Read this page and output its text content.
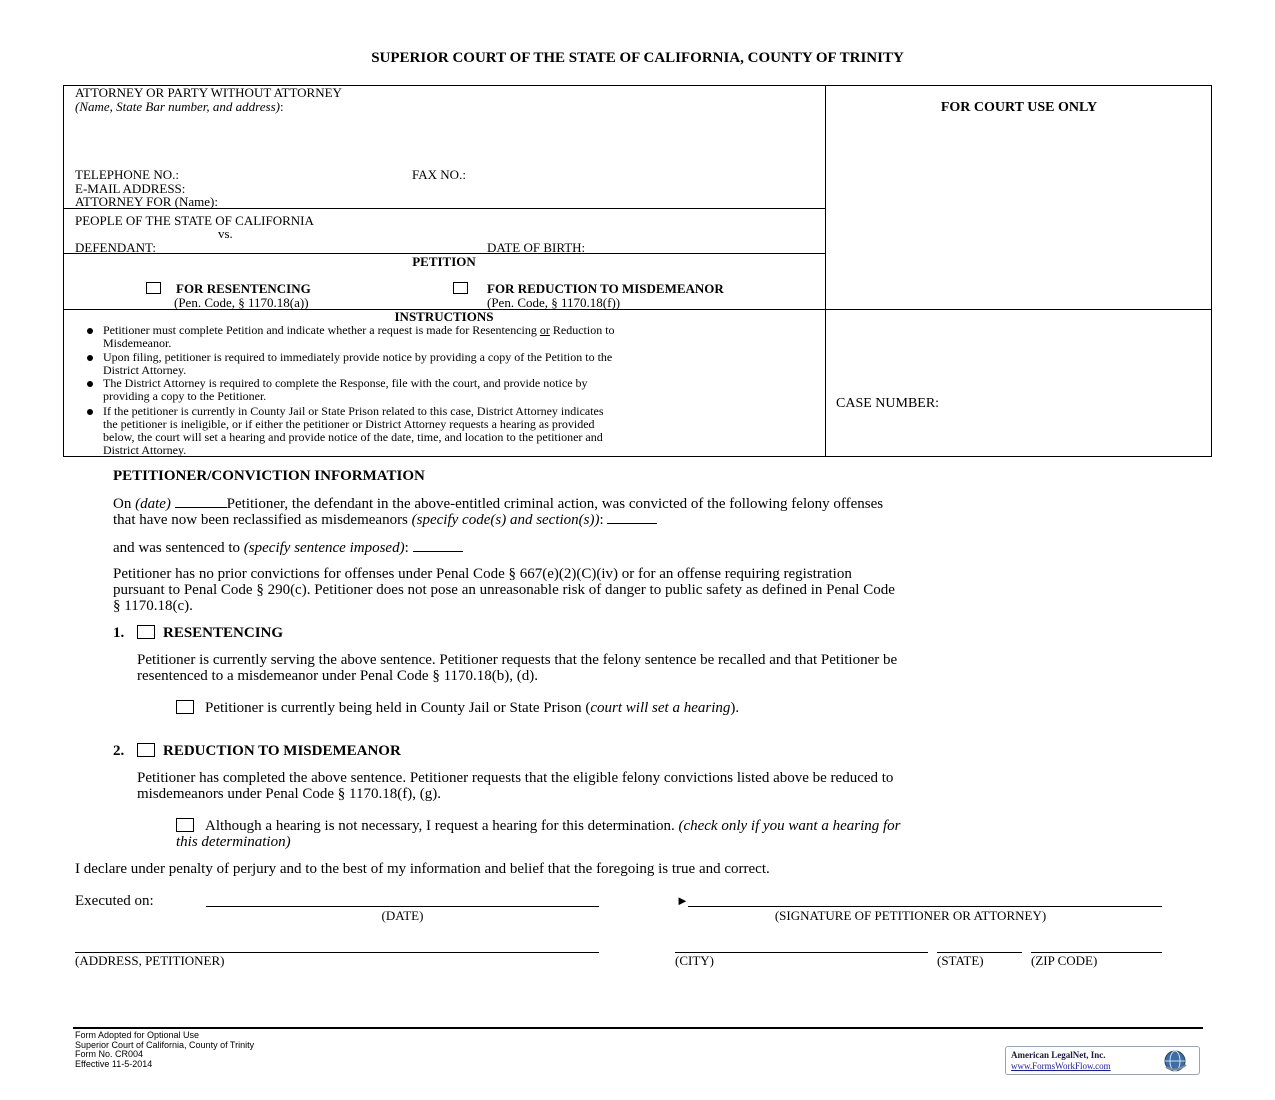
SUPERIOR COURT OF THE STATE OF CALIFORNIA, COUNTY OF TRINITY
ATTORNEY OR PARTY WITHOUT ATTORNEY
(Name, State Bar number, and address):
TELEPHONE NO.:	FAX NO.:
E-MAIL ADDRESS:
ATTORNEY FOR (Name):
FOR COURT USE ONLY
PEOPLE OF THE STATE OF CALIFORNIA
vs.
DEFENDANT:	DATE OF BIRTH:
PETITION
FOR RESENTENCING
(Pen. Code, § 1170.18(a))
FOR REDUCTION TO MISDEMEANOR
(Pen. Code, § 1170.18(f))
INSTRUCTIONS
Petitioner must complete Petition and indicate whether a request is made for Resentencing or Reduction to
Misdemeanor.
Upon filing, petitioner is required to immediately provide notice by providing a copy of the Petition to the
District Attorney.
The District Attorney is required to complete the Response, file with the court, and provide notice by
providing a copy to the Petitioner.
If the petitioner is currently in County Jail or State Prison related to this case, District Attorney indicates
the petitioner is ineligible, or if either the petitioner or District Attorney requests a hearing as provided
below, the court will set a hearing and provide notice of the date, time, and location to the petitioner and
District Attorney.
CASE NUMBER:
PETITIONER/CONVICTION INFORMATION
On (date)	Petitioner, the defendant in the above-entitled criminal action, was convicted of the following felony offenses
that have now been reclassified as misdemeanors (specify code(s) and section(s)):
and was sentenced to (specify sentence imposed):
Petitioner has no prior convictions for offenses under Penal Code § 667(e)(2)(C)(iv) or for an offense requiring registration
pursuant to Penal Code § 290(c). Petitioner does not pose an unreasonable risk of danger to public safety as defined in Penal Code
§ 1170.18(c).
1.	RESENTENCING
Petitioner is currently serving the above sentence. Petitioner requests that the felony sentence be recalled and that Petitioner be
resentenced to a misdemeanor under Penal Code § 1170.18(b), (d).
Petitioner is currently being held in County Jail or State Prison (court will set a hearing).
2.	REDUCTION TO MISDEMEANOR
Petitioner has completed the above sentence. Petitioner requests that the eligible felony convictions listed above be reduced to
misdemeanors under Penal Code § 1170.18(f), (g).
Although a hearing is not necessary, I request a hearing for this determination. (check only if you want a hearing for
this determination)
I declare under penalty of perjury and to the best of my information and belief that the foregoing is true and correct.
Executed on:
(DATE)
►
(SIGNATURE OF PETITIONER OR ATTORNEY)
(ADDRESS, PETITIONER)	(CITY)	(STATE)	(ZIP CODE)
Form Adopted for Optional Use
Superior Court of California, County of Trinity
Form No. CR004
Effective 11-5-2014
American LegalNet, Inc.
www.FormsWorkFlow.com
